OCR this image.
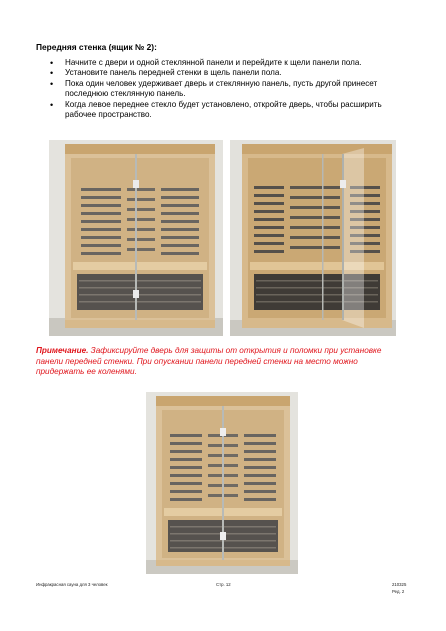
Передняя стенка (ящик № 2):
• Начните с двери и одной стеклянной панели и перейдите к щели панели пола.
• Установите панель передней стенки в щель панели пола.
• Пока один человек удерживает дверь и стеклянную панель, пусть другой принесет последнюю стеклянную панель.
• Когда левое переднее стекло будет установлено, откройте дверь, чтобы расширить рабочее пространство.
Примечание. Зафиксируйте дверь для защиты от открытия и поломки при установке панели передней стенки. При опускании панели передней стенки на место можно придержать ее коленями.
Инфракрасная сауна для 3 человек	Стр. 12	210325
Ред. 2
